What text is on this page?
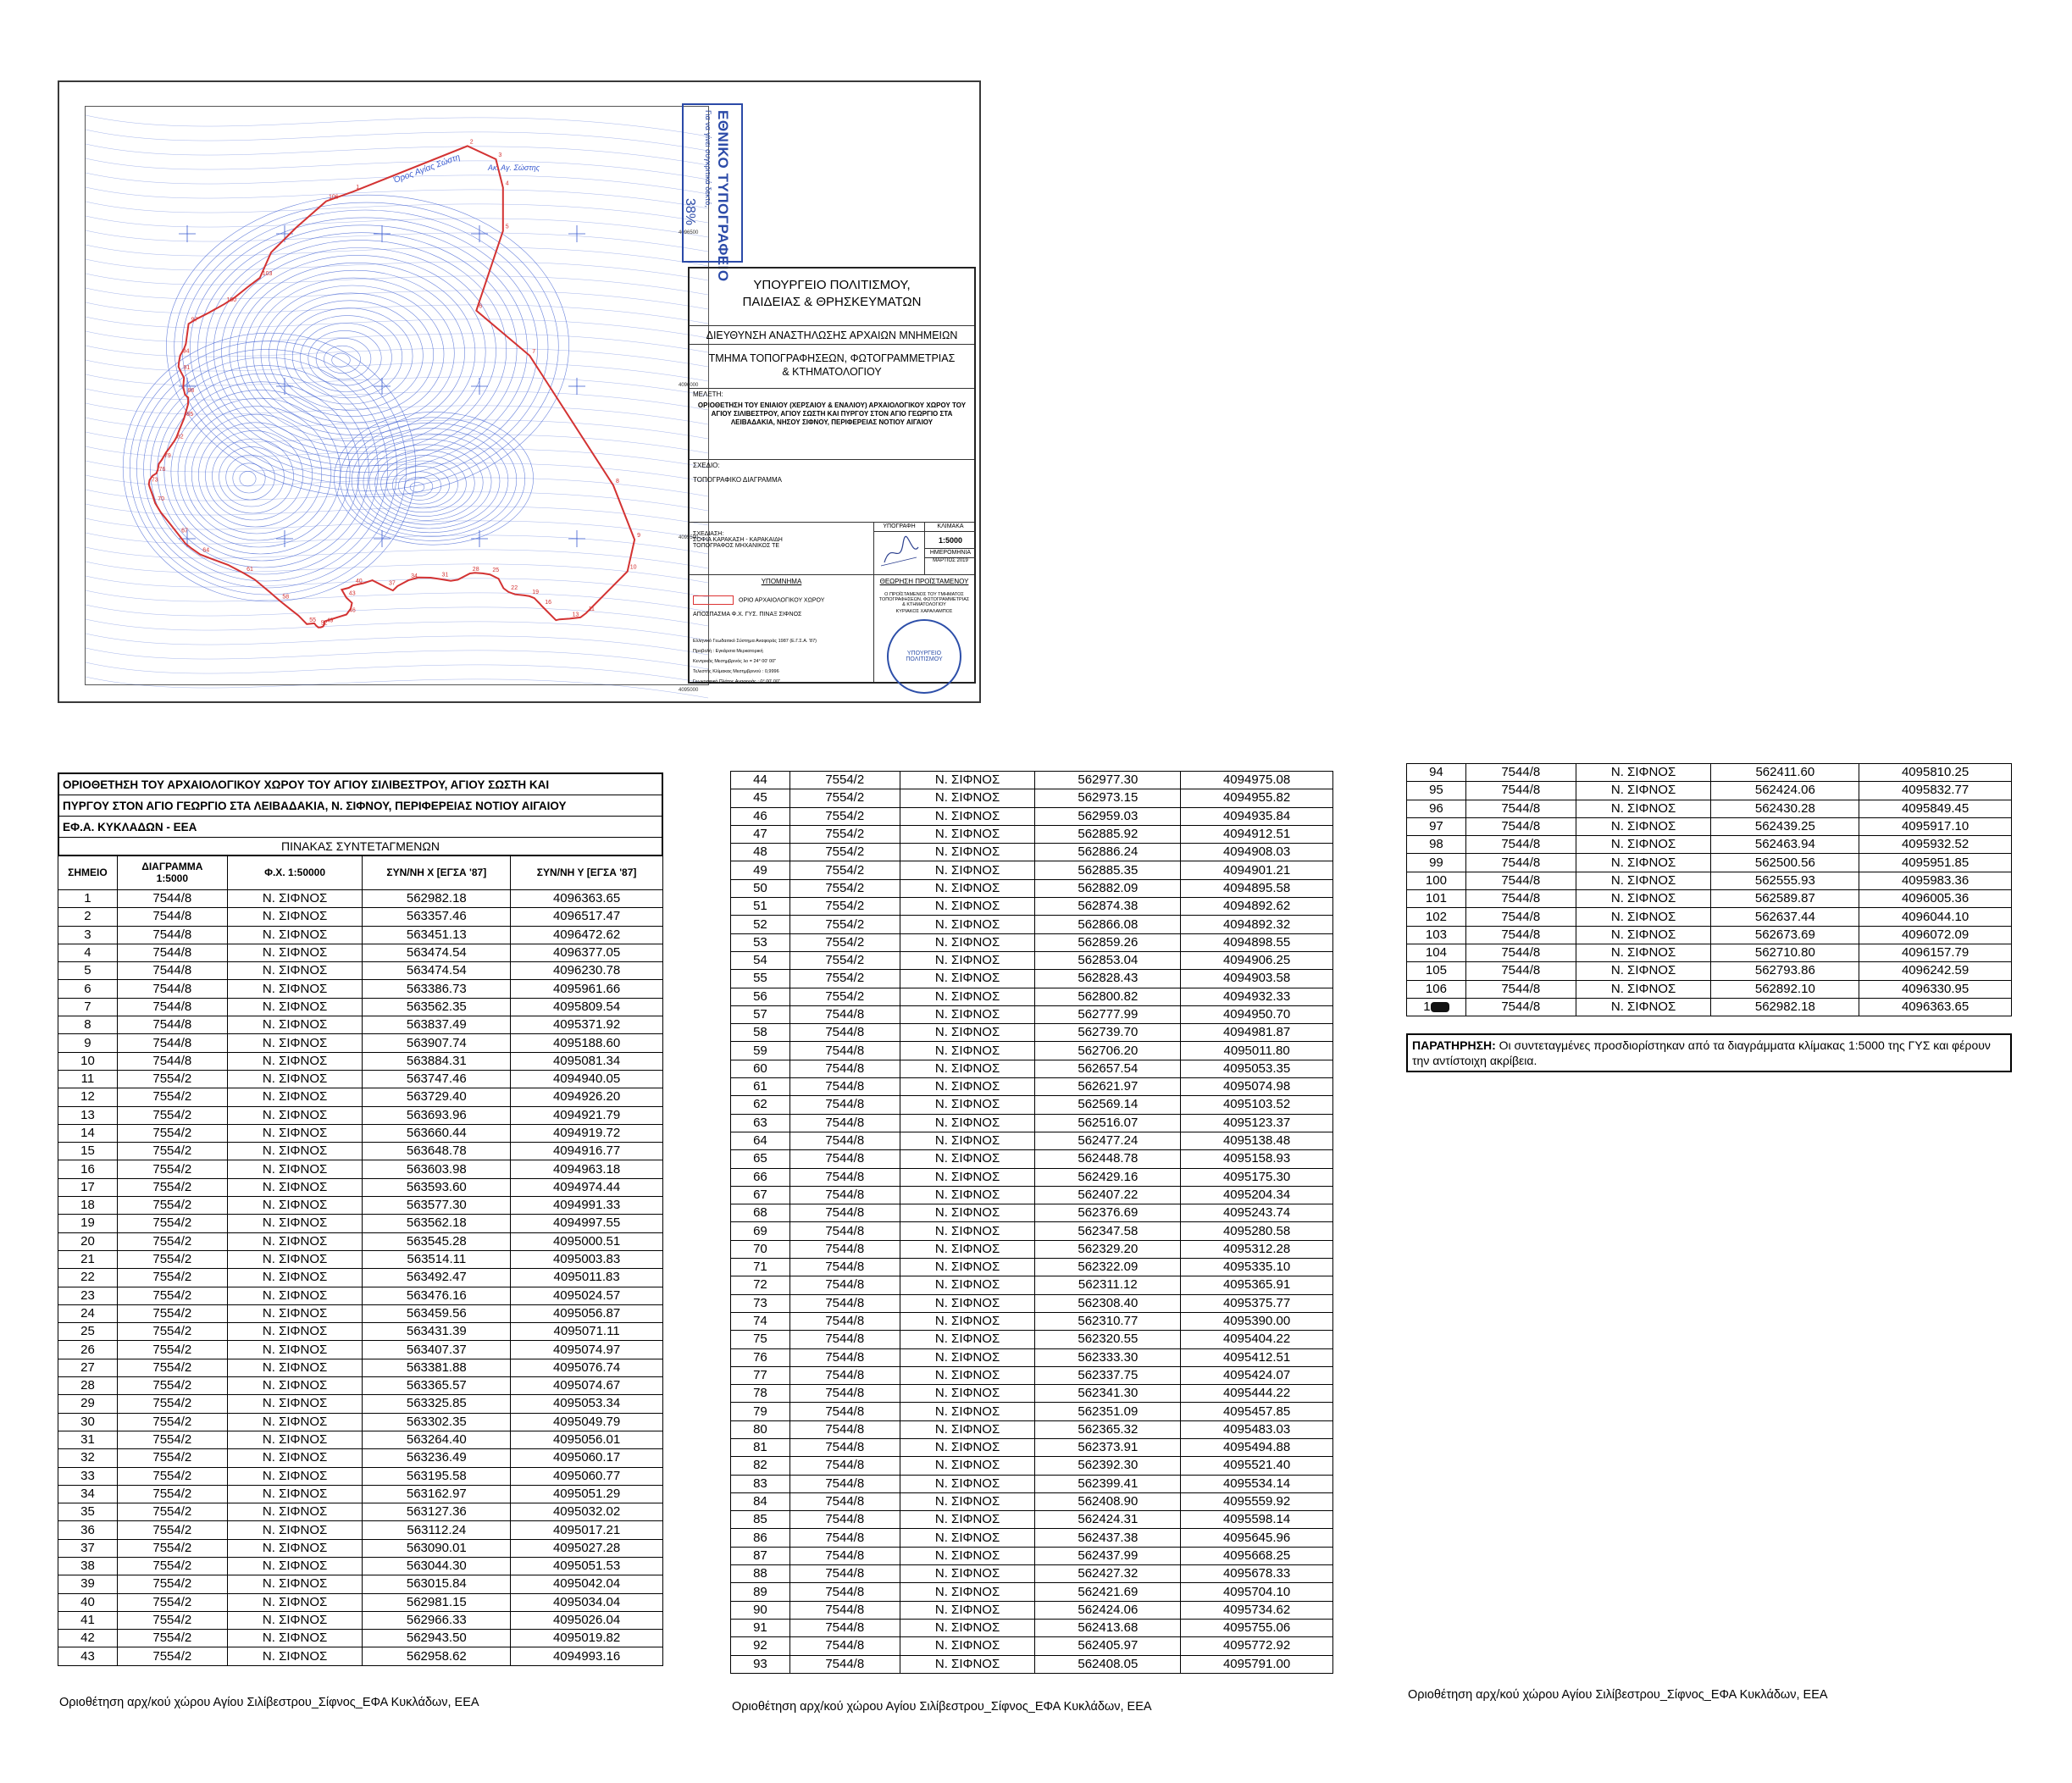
1
2
3
4
5
6
7
8
9
10
11
13
16
19
22
25
28
31
34
37
40
43
46
49
52
55
58
61
64
67
70
73
76
79
82
85
88
91
94
97
100
103
106
Όρος Αγίας Σώστη	Ακ. Αγ. Σώστης
4096500
4096000
4095500
4095000
ΕΘΝΙΚΟ ΤΥΠΟΓΡΑΦΕΙΟ
Για να γίνει συγκριτικά δεκτό,
38%
ΥΠΟΥΡΓΕΙΟ ΠΟΛΙΤΙΣΜΟΥ,
ΠΑΙΔΕΙΑΣ & ΘΡΗΣΚΕΥΜΑΤΩΝ
ΔΙΕΥΘΥΝΣΗ ΑΝΑΣΤΗΛΩΣΗΣ ΑΡΧΑΙΩΝ ΜΝΗΜΕΙΩΝ
ΤΜΗΜΑ ΤΟΠΟΓΡΑΦΗΣΕΩΝ, ΦΩΤΟΓΡΑΜΜΕΤΡΙΑΣ
& ΚΤΗΜΑΤΟΛΟΓΙΟΥ
ΜΕΛΕΤΗ:
ΟΡΙΟΘΕΤΗΣΗ ΤΟΥ ΕΝΙΑΙΟΥ (ΧΕΡΣΑΙΟΥ & ΕΝΑΛΙΟΥ) ΑΡΧΑΙΟΛΟΓΙΚΟΥ ΧΩΡΟΥ ΤΟΥ ΑΓΙΟΥ ΣΙΛΙΒΕΣΤΡΟΥ, ΑΓΙΟΥ ΣΩΣΤΗ ΚΑΙ ΠΥΡΓΟΥ ΣΤΟΝ ΑΓΙΟ ΓΕΩΡΓΙΟ ΣΤΑ ΛΕΙΒΑΔΑΚΙΑ, ΝΗΣΟΥ ΣΙΦΝΟΥ, ΠΕΡΙΦΕΡΕΙΑΣ ΝΟΤΙΟΥ ΑΙΓΑΙΟΥ
ΣΧΕΔΙΟ:
ΤΟΠΟΓΡΑΦΙΚΟ ΔΙΑΓΡΑΜΜΑ
ΣΧΕΔΙΑΣΗ:
ΣΟΦΙΑ ΚΑΡΑΚΑΣΗ - ΚΑΡΑΚΑΙΔΗ
ΤΟΠΟΓΡΑΦΟΣ ΜΗΧΑΝΙΚΟΣ ΤΕ
ΥΠΟΓΡΑΦΗ	ΚΛΙΜΑΚΑ
1:5000
ΗΜΕΡΟΜΗΝΙΑ
ΜΑΡΤΙΟΣ 2019
ΥΠΟΜΝΗΜΑ
ΟΡΙΟ ΑΡΧΑΙΟΛΟΓΙΚΟΥ ΧΩΡΟΥ
ΑΠΟΣΠΑΣΜΑ Φ.Χ. ΓΥΣ. ΠΙΝΑΞ ΣΙΦΝΟΣ
Ελληνικό Γεωδαιτικό Σύστημα Αναφοράς 1987 (Ε.Γ.Σ.Α. '87)
Προβολή : Εγκάρσια Μερκατορική
Κεντρικός Μεσημβρινός λο = 24° 00' 00"
Τελεστής Κλίμακας Μεσημβρινού : 0,9996
Γεωγραφικό Πλάτος Αναφοράς : 0° 00' 00"
ΘΕΩΡΗΣΗ ΠΡΟΪΣΤΑΜΕΝΟΥ
Ο ΠΡΟΪΣΤΑΜΕΝΟΣ ΤΟΥ ΤΜΗΜΑΤΟΣ ΤΟΠΟΓΡΑΦΗΣΕΩΝ, ΦΩΤΟΓΡΑΜΜΕΤΡΙΑΣ & ΚΤΗΜΑΤΟΛΟΓΙΟΥ
ΚΥΡΙΑΚΟΣ ΧΑΡΑΛΑΜΠΟΣ
ΥΠΟΥΡΓΕΙΟ ΠΟΛΙΤΙΣΜΟΥ
ΟΡΙΟΘΕΤΗΣΗ ΤΟΥ ΑΡΧΑΙΟΛΟΓΙΚΟΥ ΧΩΡΟΥ ΤΟΥ ΑΓΙΟΥ ΣΙΛΙΒΕΣΤΡΟΥ, ΑΓΙΟΥ ΣΩΣΤΗ ΚΑΙ
ΠΥΡΓΟΥ ΣΤΟΝ ΑΓΙΟ ΓΕΩΡΓΙΟ ΣΤΑ ΛΕΙΒΑΔΑΚΙΑ, Ν. ΣΙΦΝΟΥ, ΠΕΡΙΦΕΡΕΙΑΣ ΝΟΤΙΟΥ ΑΙΓΑΙΟΥ
ΕΦ.Α. ΚΥΚΛΑΔΩΝ - ΕΕΑ
ΠΙΝΑΚΑΣ ΣΥΝΤΕΤΑΓΜΕΝΩΝ
ΣΗΜΕΙΟ	ΔΙΑΓΡΑΜΜΑ 1:5000	Φ.Χ. 1:50000	ΣΥΝ/ΝΗ X [ΕΓΣΑ '87]	ΣΥΝ/ΝΗ Υ [ΕΓΣΑ '87]
1	7544/8	Ν. ΣΙΦΝΟΣ	562982.18	4096363.65
2	7544/8	Ν. ΣΙΦΝΟΣ	563357.46	4096517.47
3	7544/8	Ν. ΣΙΦΝΟΣ	563451.13	4096472.62
4	7544/8	Ν. ΣΙΦΝΟΣ	563474.54	4096377.05
5	7544/8	Ν. ΣΙΦΝΟΣ	563474.54	4096230.78
6	7544/8	Ν. ΣΙΦΝΟΣ	563386.73	4095961.66
7	7544/8	Ν. ΣΙΦΝΟΣ	563562.35	4095809.54
8	7544/8	Ν. ΣΙΦΝΟΣ	563837.49	4095371.92
9	7544/8	Ν. ΣΙΦΝΟΣ	563907.74	4095188.60
10	7544/8	Ν. ΣΙΦΝΟΣ	563884.31	4095081.34
11	7554/2	Ν. ΣΙΦΝΟΣ	563747.46	4094940.05
12	7554/2	Ν. ΣΙΦΝΟΣ	563729.40	4094926.20
13	7554/2	Ν. ΣΙΦΝΟΣ	563693.96	4094921.79
14	7554/2	Ν. ΣΙΦΝΟΣ	563660.44	4094919.72
15	7554/2	Ν. ΣΙΦΝΟΣ	563648.78	4094916.77
16	7554/2	Ν. ΣΙΦΝΟΣ	563603.98	4094963.18
17	7554/2	Ν. ΣΙΦΝΟΣ	563593.60	4094974.44
18	7554/2	Ν. ΣΙΦΝΟΣ	563577.30	4094991.33
19	7554/2	Ν. ΣΙΦΝΟΣ	563562.18	4094997.55
20	7554/2	Ν. ΣΙΦΝΟΣ	563545.28	4095000.51
21	7554/2	Ν. ΣΙΦΝΟΣ	563514.11	4095003.83
22	7554/2	Ν. ΣΙΦΝΟΣ	563492.47	4095011.83
23	7554/2	Ν. ΣΙΦΝΟΣ	563476.16	4095024.57
24	7554/2	Ν. ΣΙΦΝΟΣ	563459.56	4095056.87
25	7554/2	Ν. ΣΙΦΝΟΣ	563431.39	4095071.11
26	7554/2	Ν. ΣΙΦΝΟΣ	563407.37	4095074.97
27	7554/2	Ν. ΣΙΦΝΟΣ	563381.88	4095076.74
28	7554/2	Ν. ΣΙΦΝΟΣ	563365.57	4095074.67
29	7554/2	Ν. ΣΙΦΝΟΣ	563325.85	4095053.34
30	7554/2	Ν. ΣΙΦΝΟΣ	563302.35	4095049.79
31	7554/2	Ν. ΣΙΦΝΟΣ	563264.40	4095056.01
32	7554/2	Ν. ΣΙΦΝΟΣ	563236.49	4095060.17
33	7554/2	Ν. ΣΙΦΝΟΣ	563195.58	4095060.77
34	7554/2	Ν. ΣΙΦΝΟΣ	563162.97	4095051.29
35	7554/2	Ν. ΣΙΦΝΟΣ	563127.36	4095032.02
36	7554/2	Ν. ΣΙΦΝΟΣ	563112.24	4095017.21
37	7554/2	Ν. ΣΙΦΝΟΣ	563090.01	4095027.28
38	7554/2	Ν. ΣΙΦΝΟΣ	563044.30	4095051.53
39	7554/2	Ν. ΣΙΦΝΟΣ	563015.84	4095042.04
40	7554/2	Ν. ΣΙΦΝΟΣ	562981.15	4095034.04
41	7554/2	Ν. ΣΙΦΝΟΣ	562966.33	4095026.04
42	7554/2	Ν. ΣΙΦΝΟΣ	562943.50	4095019.82
43	7554/2	Ν. ΣΙΦΝΟΣ	562958.62	4094993.16
44	7554/2	Ν. ΣΙΦΝΟΣ	562977.30	4094975.08
45	7554/2	Ν. ΣΙΦΝΟΣ	562973.15	4094955.82
46	7554/2	Ν. ΣΙΦΝΟΣ	562959.03	4094935.84
47	7554/2	Ν. ΣΙΦΝΟΣ	562885.92	4094912.51
48	7554/2	Ν. ΣΙΦΝΟΣ	562886.24	4094908.03
49	7554/2	Ν. ΣΙΦΝΟΣ	562885.35	4094901.21
50	7554/2	Ν. ΣΙΦΝΟΣ	562882.09	4094895.58
51	7554/2	Ν. ΣΙΦΝΟΣ	562874.38	4094892.62
52	7554/2	Ν. ΣΙΦΝΟΣ	562866.08	4094892.32
53	7554/2	Ν. ΣΙΦΝΟΣ	562859.26	4094898.55
54	7554/2	Ν. ΣΙΦΝΟΣ	562853.04	4094906.25
55	7554/2	Ν. ΣΙΦΝΟΣ	562828.43	4094903.58
56	7554/2	Ν. ΣΙΦΝΟΣ	562800.82	4094932.33
57	7544/8	Ν. ΣΙΦΝΟΣ	562777.99	4094950.70
58	7544/8	Ν. ΣΙΦΝΟΣ	562739.70	4094981.87
59	7544/8	Ν. ΣΙΦΝΟΣ	562706.20	4095011.80
60	7544/8	Ν. ΣΙΦΝΟΣ	562657.54	4095053.35
61	7544/8	Ν. ΣΙΦΝΟΣ	562621.97	4095074.98
62	7544/8	Ν. ΣΙΦΝΟΣ	562569.14	4095103.52
63	7544/8	Ν. ΣΙΦΝΟΣ	562516.07	4095123.37
64	7544/8	Ν. ΣΙΦΝΟΣ	562477.24	4095138.48
65	7544/8	Ν. ΣΙΦΝΟΣ	562448.78	4095158.93
66	7544/8	Ν. ΣΙΦΝΟΣ	562429.16	4095175.30
67	7544/8	Ν. ΣΙΦΝΟΣ	562407.22	4095204.34
68	7544/8	Ν. ΣΙΦΝΟΣ	562376.69	4095243.74
69	7544/8	Ν. ΣΙΦΝΟΣ	562347.58	4095280.58
70	7544/8	Ν. ΣΙΦΝΟΣ	562329.20	4095312.28
71	7544/8	Ν. ΣΙΦΝΟΣ	562322.09	4095335.10
72	7544/8	Ν. ΣΙΦΝΟΣ	562311.12	4095365.91
73	7544/8	Ν. ΣΙΦΝΟΣ	562308.40	4095375.77
74	7544/8	Ν. ΣΙΦΝΟΣ	562310.77	4095390.00
75	7544/8	Ν. ΣΙΦΝΟΣ	562320.55	4095404.22
76	7544/8	Ν. ΣΙΦΝΟΣ	562333.30	4095412.51
77	7544/8	Ν. ΣΙΦΝΟΣ	562337.75	4095424.07
78	7544/8	Ν. ΣΙΦΝΟΣ	562341.30	4095444.22
79	7544/8	Ν. ΣΙΦΝΟΣ	562351.09	4095457.85
80	7544/8	Ν. ΣΙΦΝΟΣ	562365.32	4095483.03
81	7544/8	Ν. ΣΙΦΝΟΣ	562373.91	4095494.88
82	7544/8	Ν. ΣΙΦΝΟΣ	562392.30	4095521.40
83	7544/8	Ν. ΣΙΦΝΟΣ	562399.41	4095534.14
84	7544/8	Ν. ΣΙΦΝΟΣ	562408.90	4095559.92
85	7544/8	Ν. ΣΙΦΝΟΣ	562424.31	4095598.14
86	7544/8	Ν. ΣΙΦΝΟΣ	562437.38	4095645.96
87	7544/8	Ν. ΣΙΦΝΟΣ	562437.99	4095668.25
88	7544/8	Ν. ΣΙΦΝΟΣ	562427.32	4095678.33
89	7544/8	Ν. ΣΙΦΝΟΣ	562421.69	4095704.10
90	7544/8	Ν. ΣΙΦΝΟΣ	562424.06	4095734.62
91	7544/8	Ν. ΣΙΦΝΟΣ	562413.68	4095755.06
92	7544/8	Ν. ΣΙΦΝΟΣ	562405.97	4095772.92
93	7544/8	Ν. ΣΙΦΝΟΣ	562408.05	4095791.00
94	7544/8	Ν. ΣΙΦΝΟΣ	562411.60	4095810.25
95	7544/8	Ν. ΣΙΦΝΟΣ	562424.06	4095832.77
96	7544/8	Ν. ΣΙΦΝΟΣ	562430.28	4095849.45
97	7544/8	Ν. ΣΙΦΝΟΣ	562439.25	4095917.10
98	7544/8	Ν. ΣΙΦΝΟΣ	562463.94	4095932.52
99	7544/8	Ν. ΣΙΦΝΟΣ	562500.56	4095951.85
100	7544/8	Ν. ΣΙΦΝΟΣ	562555.93	4095983.36
101	7544/8	Ν. ΣΙΦΝΟΣ	562589.87	4096005.36
102	7544/8	Ν. ΣΙΦΝΟΣ	562637.44	4096044.10
103	7544/8	Ν. ΣΙΦΝΟΣ	562673.69	4096072.09
104	7544/8	Ν. ΣΙΦΝΟΣ	562710.80	4096157.79
105	7544/8	Ν. ΣΙΦΝΟΣ	562793.86	4096242.59
106	7544/8	Ν. ΣΙΦΝΟΣ	562892.10	4096330.95
1	7544/8	Ν. ΣΙΦΝΟΣ	562982.18	4096363.65
ΠΑΡΑΤΗΡΗΣΗ: Οι συντεταγμένες προσδιορίστηκαν από τα διαγράμματα κλίμακας 1:5000 της ΓΥΣ και φέρουν την αντίστοιχη ακρίβεια.
Οριοθέτηση αρχ/κού χώρου Αγίου Σιλίβεστρου_Σίφνος_ΕΦΑ Κυκλάδων, ΕΕΑ	Οριοθέτηση αρχ/κού χώρου Αγίου Σιλίβεστρου_Σίφνος_ΕΦΑ Κυκλάδων, ΕΕΑ
Οριοθέτηση αρχ/κού χώρου Αγίου Σιλίβεστρου_Σίφνος_ΕΦΑ Κυκλάδων, ΕΕΑ
